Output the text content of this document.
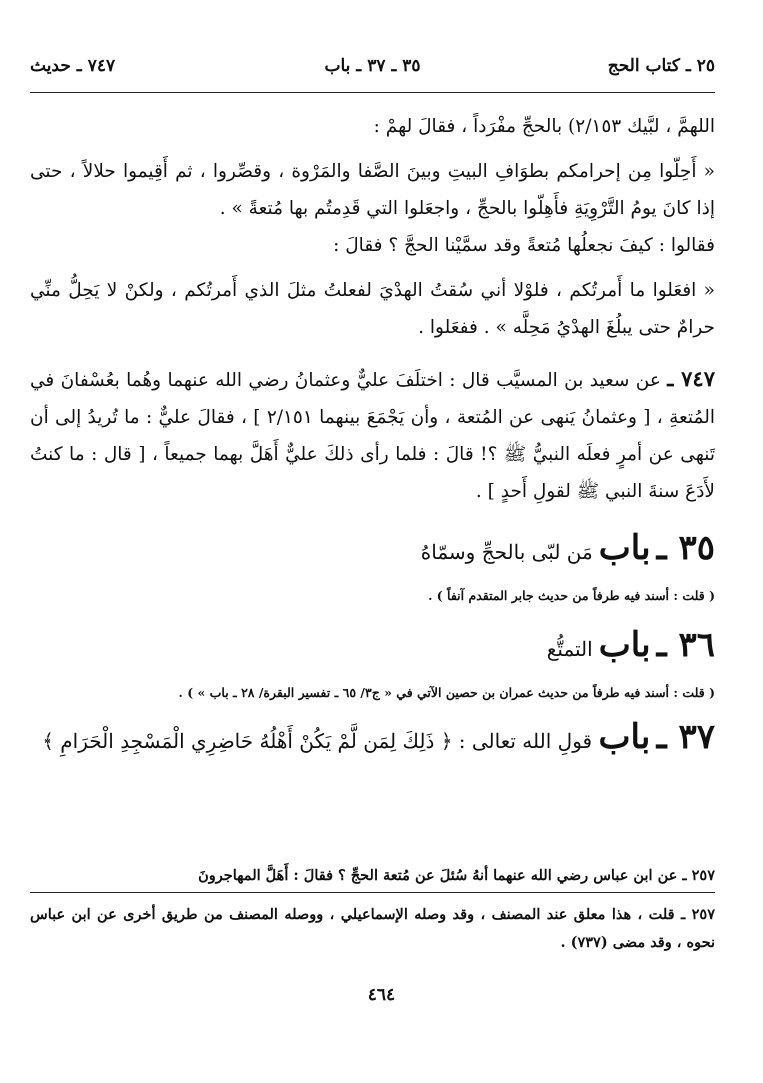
٢٥ ـ كتاب الحج
٣٥ ـ ٣٧ ـ باب
٧٤٧ ـ حديث

اللهمَّ ، لبَّيك ٢/١٥٣) بالحجِّ مفْرَداً ، فقالَ لهمْ :

« أَحِلّوا مِن إحرامكم بطوَافِ البيتِ وبينَ الصَّفا والمَرْوة ، وقصِّروا ، ثم أَقِيموا حلالاً ، حتى إذا كانَ يومُ التَّرْوِيَةِ فأَهِلّوا بالحجِّ ، واجعَلوا التي قَدِمتُم بها مُتعةً » .

فقالوا : كيفَ نجعلُها مُتعةً وقد سمَّيْنا الحجَّ ؟ فقالَ :

« افعَلوا ما أَمرتُكم ، فلوْلا أني سُقتُ الهدْيَ لفعلتُ مثلَ الذي أَمرتُكم ، ولكنْ لا يَحِلُّ منِّي حرامٌ حتى يبلُغَ الهدْيُ مَحِلَّه » . ففعَلوا .

٧٤٧ ـ عن سعيد بن المسيَّب قال : اختلَفَ عليٌّ وعثمانُ رضي الله عنهما وهُما بعُسْفانَ في المُتعةِ ، [ وعثمانُ يَنهى عن المُتعة ، وأن يَجْمَعَ بينهما ٢/١٥١ ] ، فقالَ عليٌّ : ما تُريدُ إلى أن تَنهى عن أمرٍ فعلَه النبيُّ ﷺ ؟! قالَ : فلما رأى ذلكَ عليٌّ أَهَلَّ بهما جميعاً ، [ قال : ما كنتُ لأَدَعَ سنةَ النبي ﷺ لقولِ أَحدٍ ] .

٣٥ ـ باب مَن لبّى بالحجِّ وسمّاهُ
( قلت : أسند فيه طرفاً من حديث جابر المتقدم آنفاً ) .
٣٦ ـ باب التمتُّع
( قلت : أسند فيه طرفاً من حديث عمران بن حصين الآتي في « ج٣/ ٦٥ ـ تفسير البقرة/ ٢٨ ـ باب » ) .
٣٧ ـ باب قولِ الله تعالى : ﴿ ذَلِكَ لِمَن لَّمْ يَكُنْ أَهْلُهُ حَاضِرِي الْمَسْجِدِ الْحَرَامِ ﴾
٢٥٧ ـ عن ابن عباس رضي الله عنهما أنهُ سُئلَ عن مُتعة الحجِّ ؟ فقالَ : أَهَلَّ المهاجرونَ

٢٥٧ ـ قلت ، هذا معلق عند المصنف ، وقد وصله الإسماعيلي ، ووصله المصنف من طريق أخرى عن ابن عباس نحوه ، وقد مضى (٧٣٧) .

٤٦٤
